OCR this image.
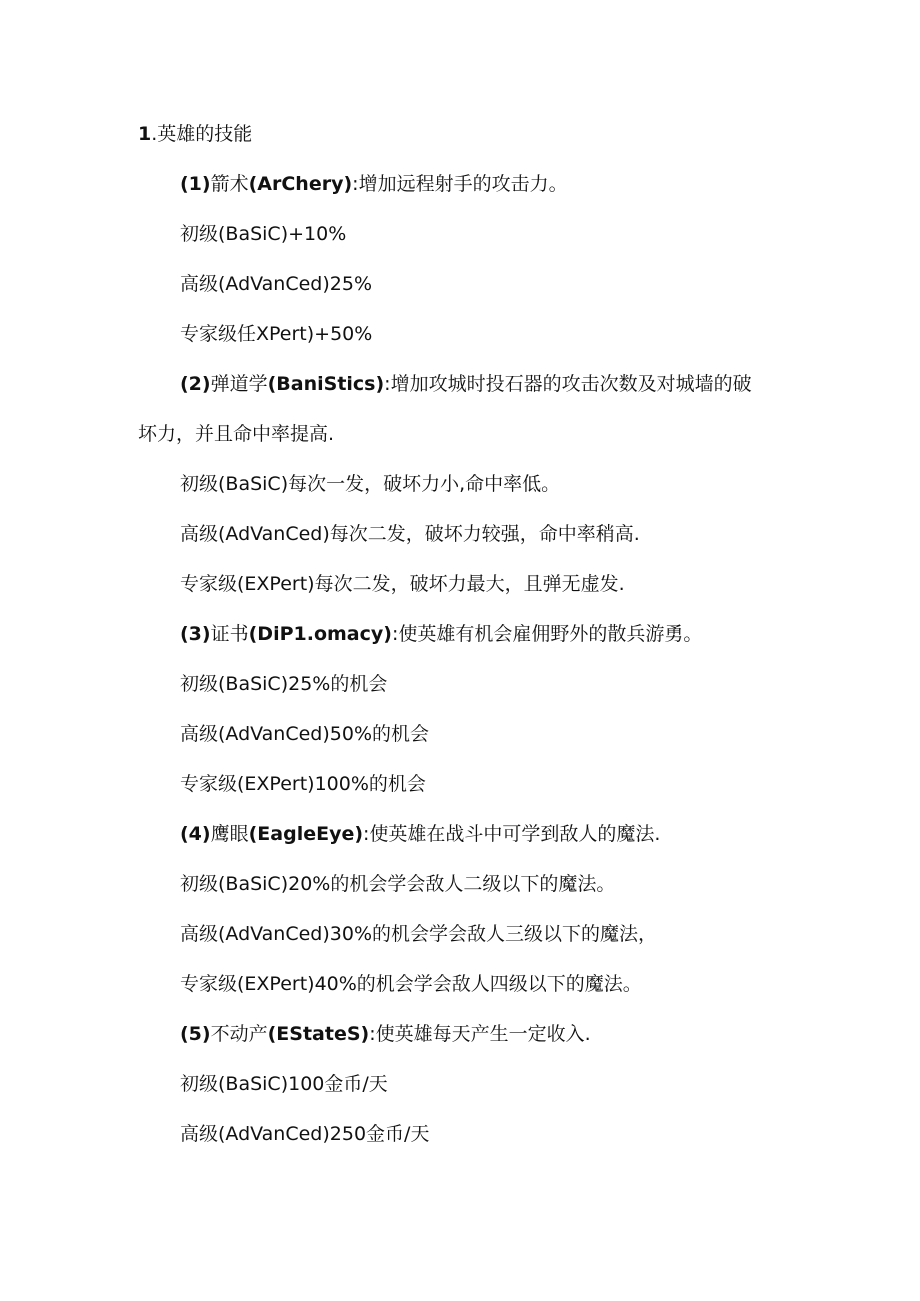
1.英雄的技能
(1)箭术(ArChery):增加远程射手的攻击力。
初级(BaSiC)+10%
高级(AdVanCed)25%
专家级任XPert)+50%
(2)弹道学(BaniStics):增加攻城时投石器的攻击次数及对城墙的破
坏力，并且命中率提高.
初级(BaSiC)每次一发，破坏力小,命中率低。
高级(AdVanCed)每次二发，破坏力较强，命中率稍高.
专家级(EXPert)每次二发，破坏力最大，且弹无虚发.
(3)证书(DiP1.omacy):使英雄有机会雇佣野外的散兵游勇。
初级(BaSiC)25%的机会
高级(AdVanCed)50%的机会
专家级(EXPert)100%的机会
(4)鹰眼(EagleEye):使英雄在战斗中可学到敌人的魔法.
初级(BaSiC)20%的机会学会敌人二级以下的魔法。
高级(AdVanCed)30%的机会学会敌人三级以下的魔法，
专家级(EXPert)40%的机会学会敌人四级以下的魔法。
(5)不动产(EStateS):使英雄每天产生一定收入.
初级(BaSiC)100金币/天
高级(AdVanCed)250金币/天
